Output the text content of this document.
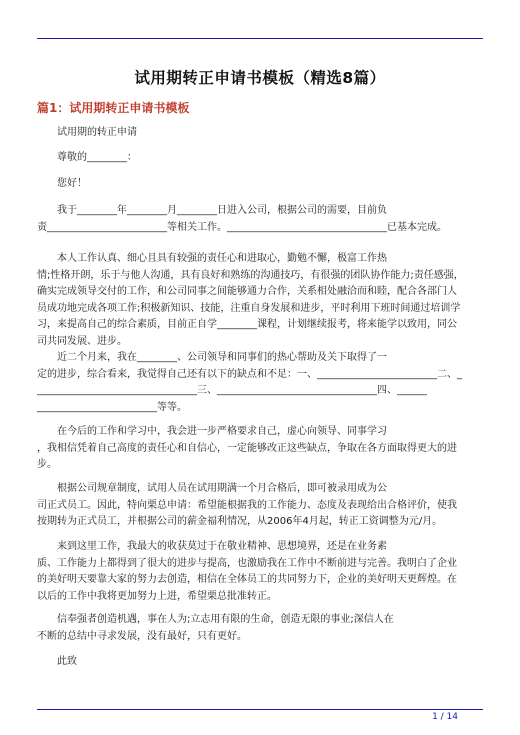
试用期转正申请书模板（精选8篇）
篇1：试用期转正申请书模板
试用期的转正申请
尊敬的________：
您好！
我于________年________月________日进入公司，根据公司的需要，目前负
责________________________等相关工作。________________________________已基本完成。
本人工作认真、细心且具有较强的责任心和进取心，勤勉不懈，极富工作热
情;性格开朗，乐于与他人沟通，具有良好和熟练的沟通技巧，有很强的团队协作能力;责任感强，
确实完成领导交付的工作，和公司同事之间能够通力合作，关系相处融洽而和睦，配合各部门人
员成功地完成各项工作;积极新知识、技能，注重自身发展和进步，平时利用下班时间通过培训学
习，来提高自己的综合素质，目前正自学________课程，计划继续报考，将来能学以致用，同公
司共同发展、进步。
近二个月来，我在________、公司领导和同事们的热心帮助及关下取得了一
定的进步，综合看来，我觉得自己还有以下的缺点和不足：一、________________________二、_
________________________________三、________________________________四、______
________________________等等。
在今后的工作和学习中，我会进一步严格要求自己，虚心向领导、同事学习
，我相信凭着自己高度的责任心和自信心，一定能够改正这些缺点，争取在各方面取得更大的进
步。
根据公司规章制度，试用人员在试用期满一个月合格后，即可被录用成为公
司正式员工。因此，特向栗总申请：希望能根据我的工作能力、态度及表现给出合格评价，使我
按期转为正式员工，并根据公司的薪金福利情况，从2006年4月起，转正工资调整为元/月。
来到这里工作，我最大的收获莫过于在敬业精神、思想境界，还是在业务素
质、工作能力上都得到了很大的进步与提高，也激励我在工作中不断前进与完善。我明白了企业
的美好明天要靠大家的努力去创造，相信在全体员工的共同努力下，企业的美好明天更辉煌。在
以后的工作中我将更加努力上进，希望栗总批准转正。
信奉强者创造机遇，事在人为;立志用有限的生命，创造无限的事业;深信人在
不断的总结中寻求发展，没有最好，只有更好。
此致
1 / 14
